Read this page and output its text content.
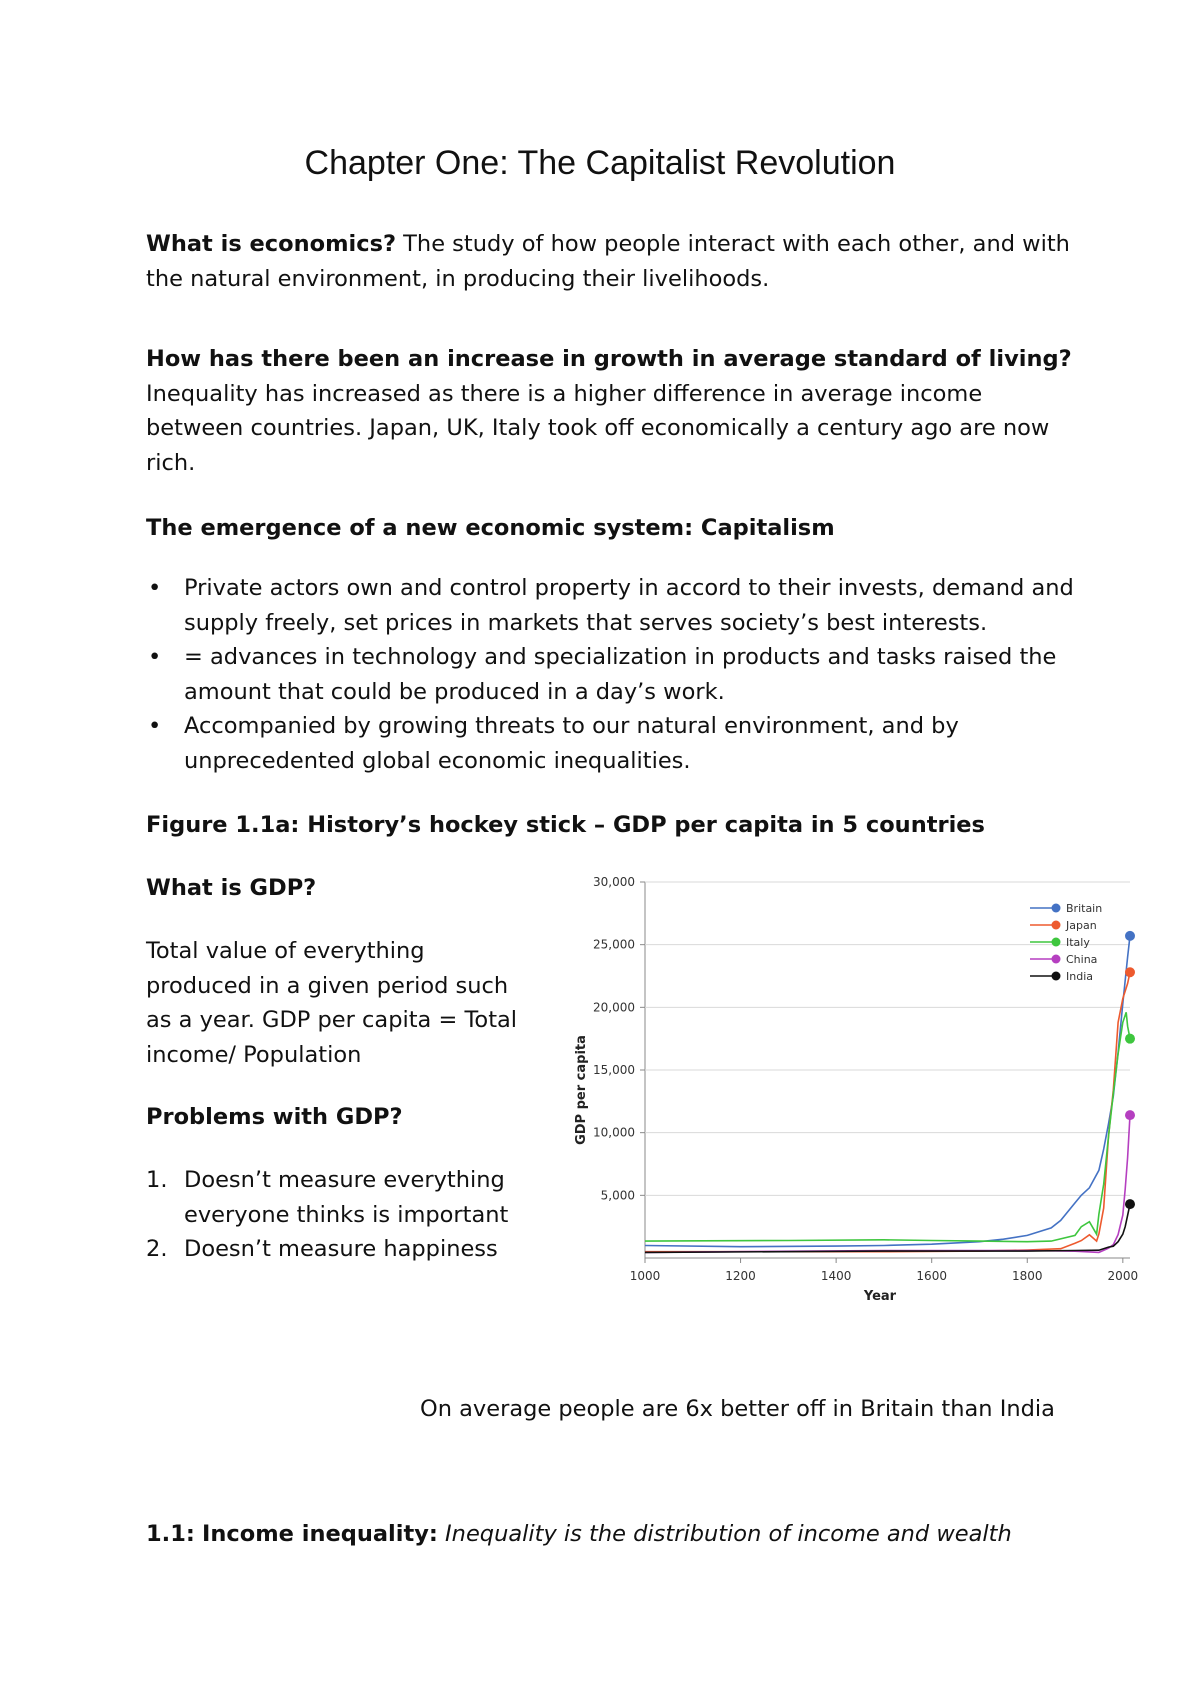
Chapter One: The Capitalist Revolution

What is economics? The study of how people interact with each other, and with the natural environment, in producing their livelihoods.

How has there been an increase in growth in average standard of living?
Inequality has increased as there is a higher difference in average income between countries. Japan, UK, Italy took off economically a century ago are now rich.

The emergence of a new economic system: Capitalism

• Private actors own and control property in accord to their invests, demand and supply freely, set prices in markets that serves society’s best interests.
• = advances in technology and specialization in products and tasks raised the amount that could be produced in a day’s work.
• Accompanied by growing threats to our natural environment, and by unprecedented global economic inequalities.

Figure 1.1a: History’s hockey stick – GDP per capita in 5 countries

What is GDP?

Total value of everything produced in a given period such as a year. GDP per capita = Total income/ Population

Problems with GDP?

1. Doesn’t measure everything everyone thinks is important
2. Doesn’t measure happiness
5,000
10,000
15,000
20,000
25,000
30,000
1000	1200	1400	1600	1800	2000
Britain
Japan
Italy
China
India
GDP per capita
Year

On average people are 6x better off in Britain than India

1.1: Income inequality: Inequality is the distribution of income and wealth
